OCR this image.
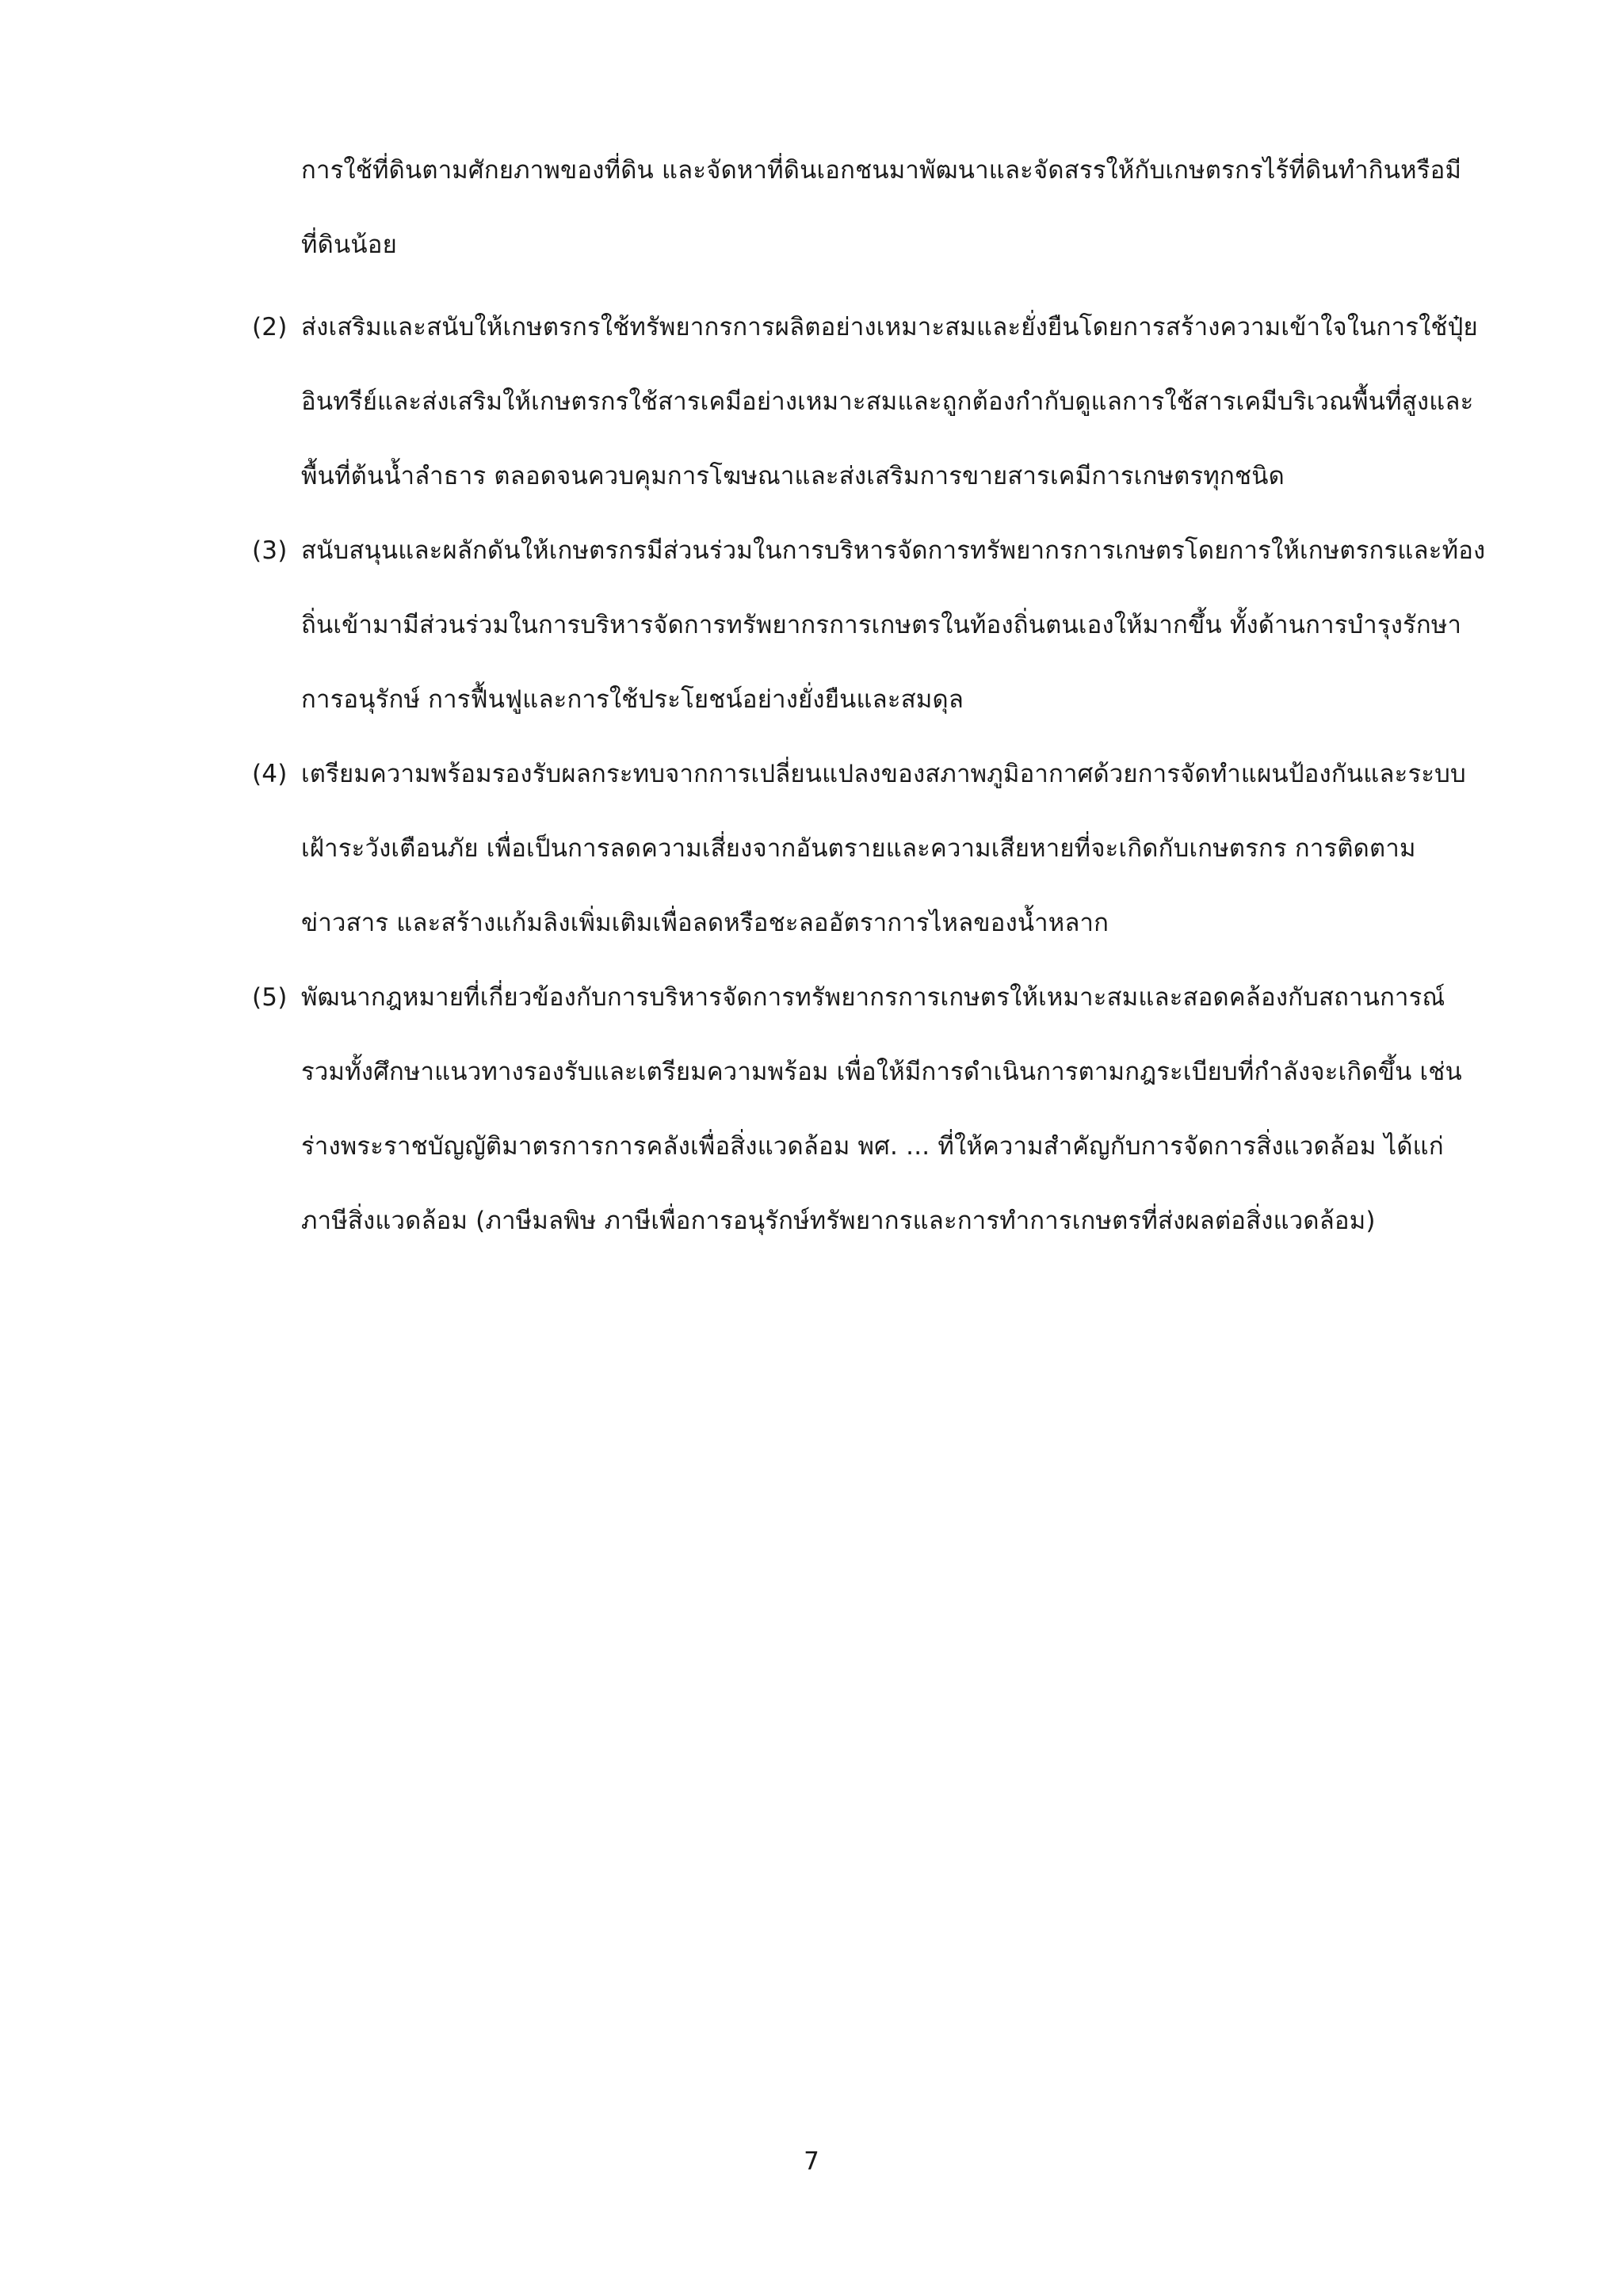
การใช้ที่ดินตามศักยภาพของที่ดิน และจัดหาที่ดินเอกชนมาพัฒนาและจัดสรรให้กับเกษตรกรไร้ที่ดินทำกินหรือมีที่ดินน้อย

(2) ส่งเสริมและสนับให้เกษตรกรใช้ทรัพยากรการผลิตอย่างเหมาะสมและยั่งยืนโดยการสร้างความเข้าใจในการใช้ปุ๋ยอินทรีย์และส่งเสริมให้เกษตรกรใช้สารเคมีอย่างเหมาะสมและถูกต้องกำกับดูแลการใช้สารเคมีบริเวณพื้นที่สูงและพื้นที่ต้นน้ำลำธาร ตลอดจนควบคุมการโฆษณาและส่งเสริมการขายสารเคมีการเกษตรทุกชนิด
(3) สนับสนุนและผลักดันให้เกษตรกรมีส่วนร่วมในการบริหารจัดการทรัพยากรการเกษตรโดยการให้เกษตรกรและท้องถิ่นเข้ามามีส่วนร่วมในการบริหารจัดการทรัพยากรการเกษตรในท้องถิ่นตนเองให้มากขึ้น ทั้งด้านการบำรุงรักษา การอนุรักษ์ การฟื้นฟูและการใช้ประโยชน์อย่างยั่งยืนและสมดุล
(4) เตรียมความพร้อมรองรับผลกระทบจากการเปลี่ยนแปลงของสภาพภูมิอากาศด้วยการจัดทำแผนป้องกันและระบบเฝ้าระวังเตือนภัย เพื่อเป็นการลดความเสี่ยงจากอันตรายและความเสียหายที่จะเกิดกับเกษตรกร การติดตามข่าวสาร และสร้างแก้มลิงเพิ่มเติมเพื่อลดหรือชะลออัตราการไหลของน้ำหลาก
(5) พัฒนากฎหมายที่เกี่ยวข้องกับการบริหารจัดการทรัพยากรการเกษตรให้เหมาะสมและสอดคล้องกับสถานการณ์ รวมทั้งศึกษาแนวทางรองรับและเตรียมความพร้อม เพื่อให้มีการดำเนินการตามกฎระเบียบที่กำลังจะเกิดขึ้น เช่น ร่างพระราชบัญญัติมาตรการการคลังเพื่อสิ่งแวดล้อม พศ. ... ที่ให้ความสำคัญกับการจัดการสิ่งแวดล้อม ได้แก่ ภาษีสิ่งแวดล้อม (ภาษีมลพิษ ภาษีเพื่อการอนุรักษ์ทรัพยากรและการทำการเกษตรที่ส่งผลต่อสิ่งแวดล้อม)
7
